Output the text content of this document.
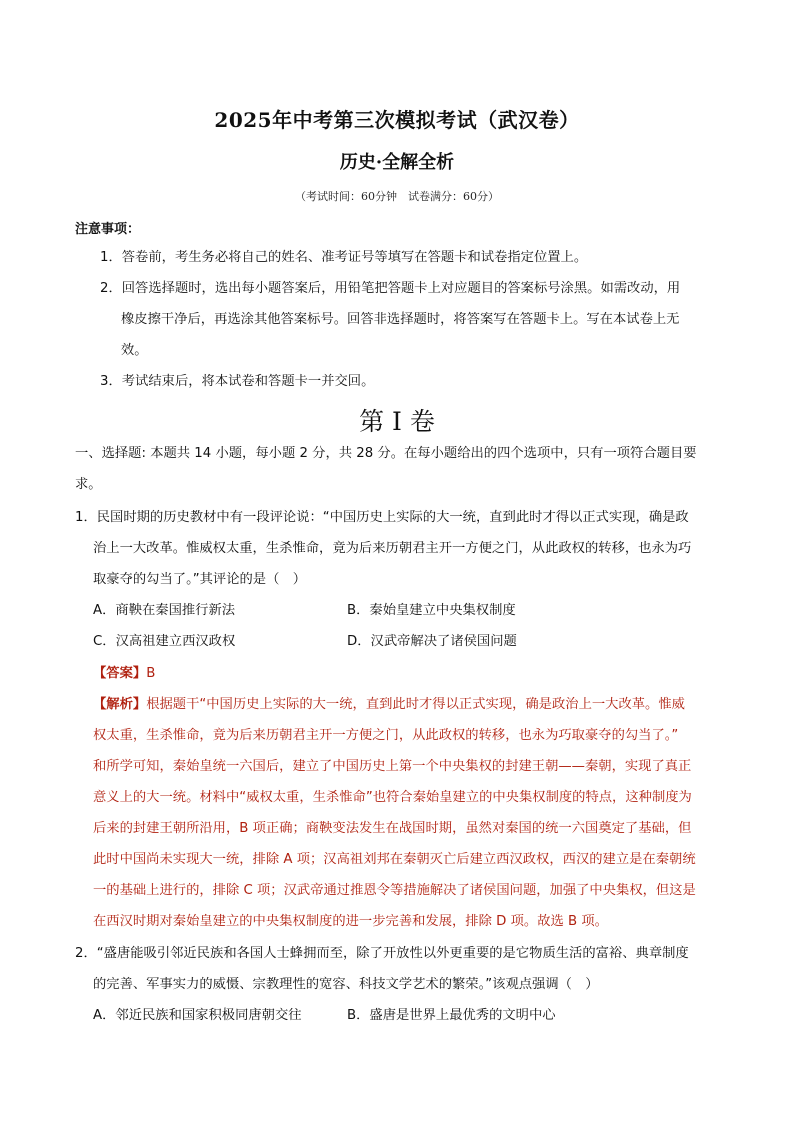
2025年中考第三次模拟考试（武汉卷）
历史·全解全析
（考试时间：60分钟　试卷满分：60分）
注意事项：
1．答卷前，考生务必将自己的姓名、准考证号等填写在答题卡和试卷指定位置上。
2．回答选择题时，选出每小题答案后，用铅笔把答题卡上对应题目的答案标号涂黑。如需改动，用
橡皮擦干净后，再选涂其他答案标号。回答非选择题时，将答案写在答题卡上。写在本试卷上无
效。
3．考试结束后，将本试卷和答题卡一并交回。
第 I 卷
一、选择题: 本题共 14 小题，每小题 2 分，共 28 分。在每小题给出的四个选项中，只有一项符合题目要
求。
1．民国时期的历史教材中有一段评论说：“中国历史上实际的大一统，直到此时才得以正式实现，确是政
治上一大改革。惟威权太重，生杀惟命，竟为后来历朝君主开一方便之门，从此政权的转移，也永为巧
取豪夺的勾当了。”其评论的是（　）
A．商鞅在秦国推行新法	B．秦始皇建立中央集权制度
C．汉高祖建立西汉政权	D．汉武帝解决了诸侯国问题
【答案】B
【解析】根据题干“中国历史上实际的大一统，直到此时才得以正式实现，确是政治上一大改革。惟威
权太重，生杀惟命，竟为后来历朝君主开一方便之门，从此政权的转移，也永为巧取豪夺的勾当了。”
和所学可知，秦始皇统一六国后，建立了中国历史上第一个中央集权的封建王朝——秦朝，实现了真正
意义上的大一统。材料中“威权太重，生杀惟命”也符合秦始皇建立的中央集权制度的特点，这种制度为
后来的封建王朝所沿用，B 项正确；商鞅变法发生在战国时期，虽然对秦国的统一六国奠定了基础，但
此时中国尚未实现大一统，排除 A 项；汉高祖刘邦在秦朝灭亡后建立西汉政权，西汉的建立是在秦朝统
一的基础上进行的，排除 C 项；汉武帝通过推恩令等措施解决了诸侯国问题，加强了中央集权，但这是
在西汉时期对秦始皇建立的中央集权制度的进一步完善和发展，排除 D 项。故选 B 项。
2．“盛唐能吸引邻近民族和各国人士蜂拥而至，除了开放性以外更重要的是它物质生活的富裕、典章制度
的完善、军事实力的威慑、宗教理性的宽容、科技文学艺术的繁荣。”该观点强调（　）
A．邻近民族和国家积极同唐朝交往	B．盛唐是世界上最优秀的文明中心
